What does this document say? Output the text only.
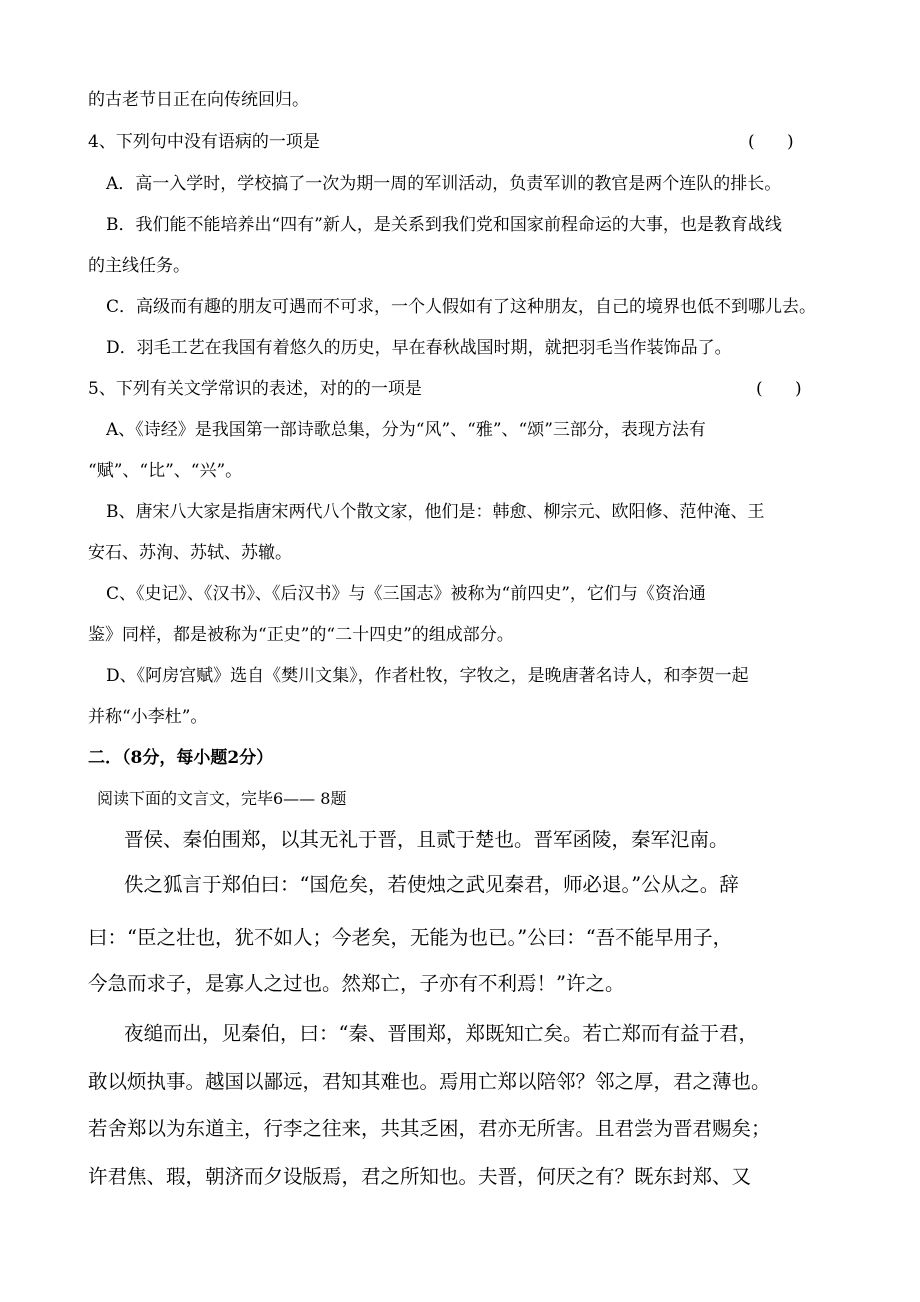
的古老节日正在向传统回归。
4、下列句中没有语病的一项是	(      )
A．高一入学时，学校搞了一次为期一周的军训活动，负责军训的教官是两个连队的排长。
B．我们能不能培养出“四有”新人，是关系到我们党和国家前程命运的大事，也是教育战线
的主线任务。
C．高级而有趣的朋友可遇而不可求，一个人假如有了这种朋友，自己的境界也低不到哪儿去。
D．羽毛工艺在我国有着悠久的历史，早在春秋战国时期，就把羽毛当作装饰品了。
5、下列有关文学常识的表述，对的的一项是	(      )
A、《诗经》是我国第一部诗歌总集，分为“风”、“雅”、“颂”三部分，表现方法有
“赋”、“比”、“兴”。
B、唐宋八大家是指唐宋两代八个散文家，他们是：韩愈、柳宗元、欧阳修、范仲淹、王
安石、苏洵、苏轼、苏辙。
C、《史记》、《汉书》、《后汉书》与《三国志》被称为“前四史”，它们与《资治通
鉴》同样，都是被称为“正史”的“二十四史”的组成部分。
D、《阿房宫赋》选自《樊川文集》，作者杜牧，字牧之，是晚唐著名诗人，和李贺一起
并称“小李杜”。
二．（8分，每小题2分）
阅读下面的文言文，完毕6—— 8题
晋侯、秦伯围郑，以其无礼于晋，且贰于楚也。晋军函陵，秦军氾南。
佚之狐言于郑伯曰：“国危矣，若使烛之武见秦君，师必退。”公从之。辞
曰：“臣之壮也，犹不如人；今老矣，无能为也已。”公曰：“吾不能早用子，
今急而求子，是寡人之过也。然郑亡，子亦有不利焉！”许之。
夜缒而出，见秦伯，曰：“秦、晋围郑，郑既知亡矣。若亡郑而有益于君，
敢以烦执事。越国以鄙远，君知其难也。焉用亡郑以陪邻？邻之厚，君之薄也。
若舍郑以为东道主，行李之往来，共其乏困，君亦无所害。且君尝为晋君赐矣；
许君焦、瑕，朝济而夕设版焉，君之所知也。夫晋，何厌之有？既东封郑、又
